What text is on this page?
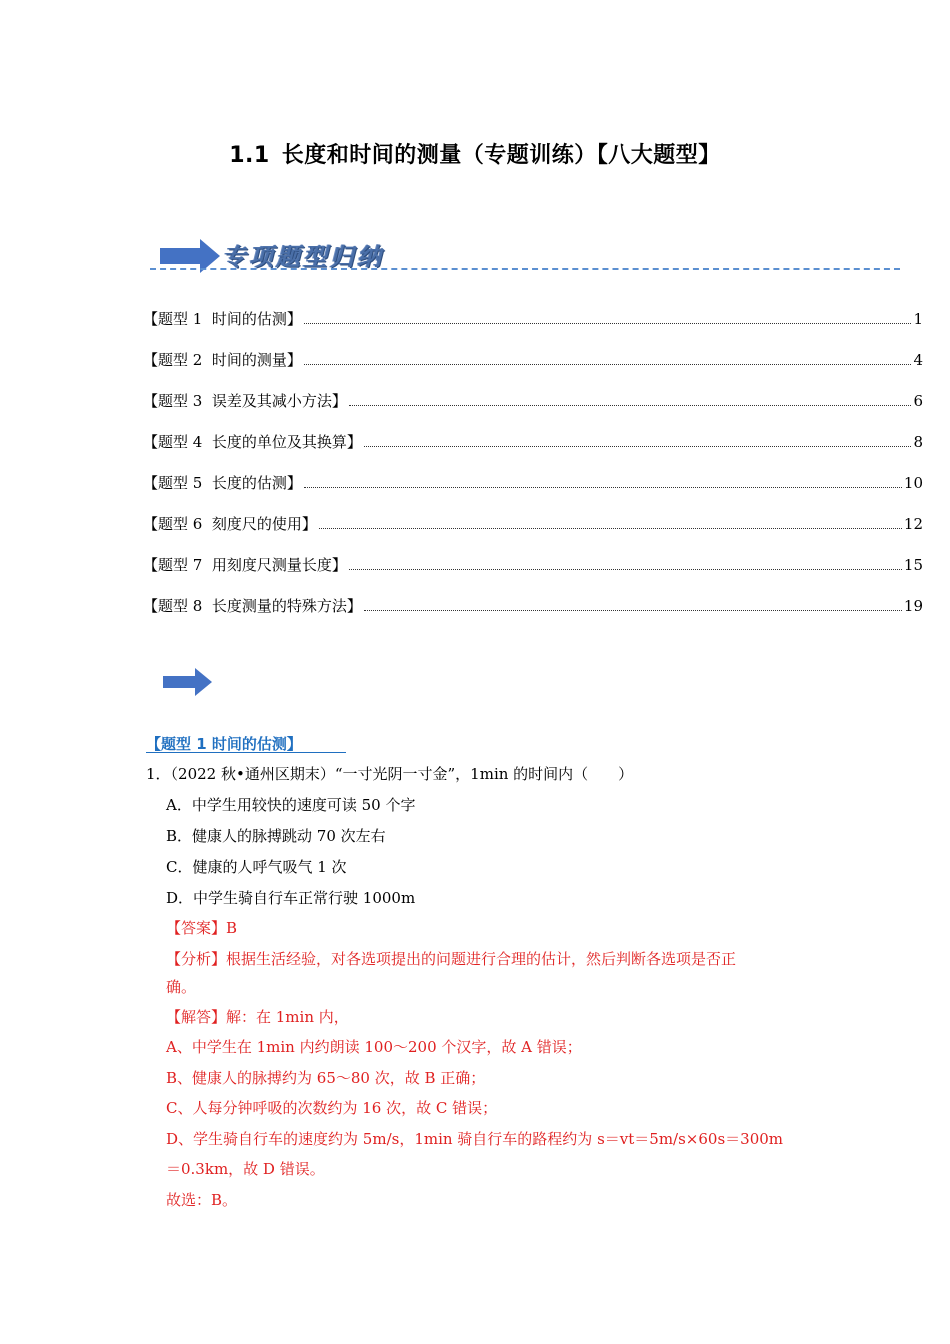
1.1 长度和时间的测量（专题训练）【八大题型】
专项题型归纳
【题型 1  时间的估测】	1
【题型 2  时间的测量】	4
【题型 3  误差及其减小方法】	6
【题型 4  长度的单位及其换算】	8
【题型 5  长度的估测】	10
【题型 6  刻度尺的使用】	12
【题型 7  用刻度尺测量长度】	15
【题型 8  长度测量的特殊方法】	19
【题型 1 时间的估测】
1．（2022 秋•通州区期末）“一寸光阴一寸金”，1min 的时间内（　　）
A．中学生用较快的速度可读 50 个字
B．健康人的脉搏跳动 70 次左右
C．健康的人呼气吸气 1 次
D．中学生骑自行车正常行驶 1000m
【答案】B
【分析】根据生活经验，对各选项提出的问题进行合理的估计，然后判断各选项是否正
确。
【解答】解：在 1min 内，
A、中学生在 1min 内约朗读 100～200 个汉字，故 A 错误；
B、健康人的脉搏约为 65～80 次，故 B 正确；
C、人每分钟呼吸的次数约为 16 次，故 C 错误；
D、学生骑自行车的速度约为 5m/s，1min 骑自行车的路程约为 s＝vt＝5m/s×60s＝300m
＝0.3km，故 D 错误。
故选：B。
